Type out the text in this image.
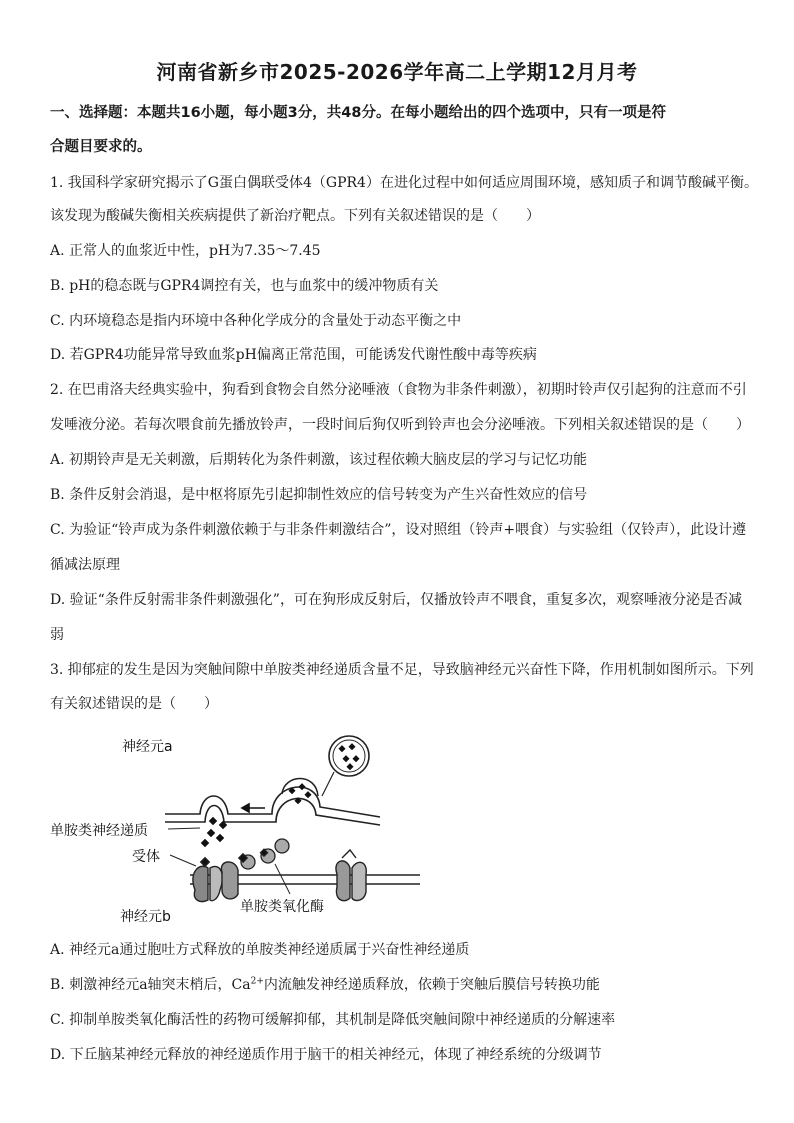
河南省新乡市2025-2026学年高二上学期12月月考
一、选择题：本题共16小题，每小题3分，共48分。在每小题给出的四个选项中，只有一项是符
合题目要求的。
1. 我国科学家研究揭示了G蛋白偶联受体4（GPR4）在进化过程中如何适应周围环境，感知质子和调节酸碱平衡。
该发现为酸碱失衡相关疾病提供了新治疗靶点。下列有关叙述错误的是（　　）
A. 正常人的血浆近中性，pH为7.35～7.45
B. pH的稳态既与GPR4调控有关，也与血浆中的缓冲物质有关
C. 内环境稳态是指内环境中各种化学成分的含量处于动态平衡之中
D. 若GPR4功能异常导致血浆pH偏离正常范围，可能诱发代谢性酸中毒等疾病
2. 在巴甫洛夫经典实验中，狗看到食物会自然分泌唾液（食物为非条件刺激），初期时铃声仅引起狗的注意而不引
发唾液分泌。若每次喂食前先播放铃声，一段时间后狗仅听到铃声也会分泌唾液。下列相关叙述错误的是（　　）
A. 初期铃声是无关刺激，后期转化为条件刺激，该过程依赖大脑皮层的学习与记忆功能
B. 条件反射会消退，是中枢将原先引起抑制性效应的信号转变为产生兴奋性效应的信号
C. 为验证“铃声成为条件刺激依赖于与非条件刺激结合”，设对照组（铃声+喂食）与实验组（仅铃声），此设计遵
循减法原理
D. 验证“条件反射需非条件刺激强化”，可在狗形成反射后，仅播放铃声不喂食，重复多次，观察唾液分泌是否减
弱
3. 抑郁症的发生是因为突触间隙中单胺类神经递质含量不足，导致脑神经元兴奋性下降，作用机制如图所示。下列
有关叙述错误的是（　　）
神经元a
单胺类神经递质
受体
单胺类氧化酶
神经元b
A. 神经元a通过胞吐方式释放的单胺类神经递质属于兴奋性神经递质
B. 刺激神经元a轴突末梢后，$Ca^{2+}$内流触发神经递质释放，依赖于突触后膜信号转换功能
C. 抑制单胺类氧化酶活性的药物可缓解抑郁，其机制是降低突触间隙中神经递质的分解速率
D. 下丘脑某神经元释放的神经递质作用于脑干的相关神经元，体现了神经系统的分级调节
